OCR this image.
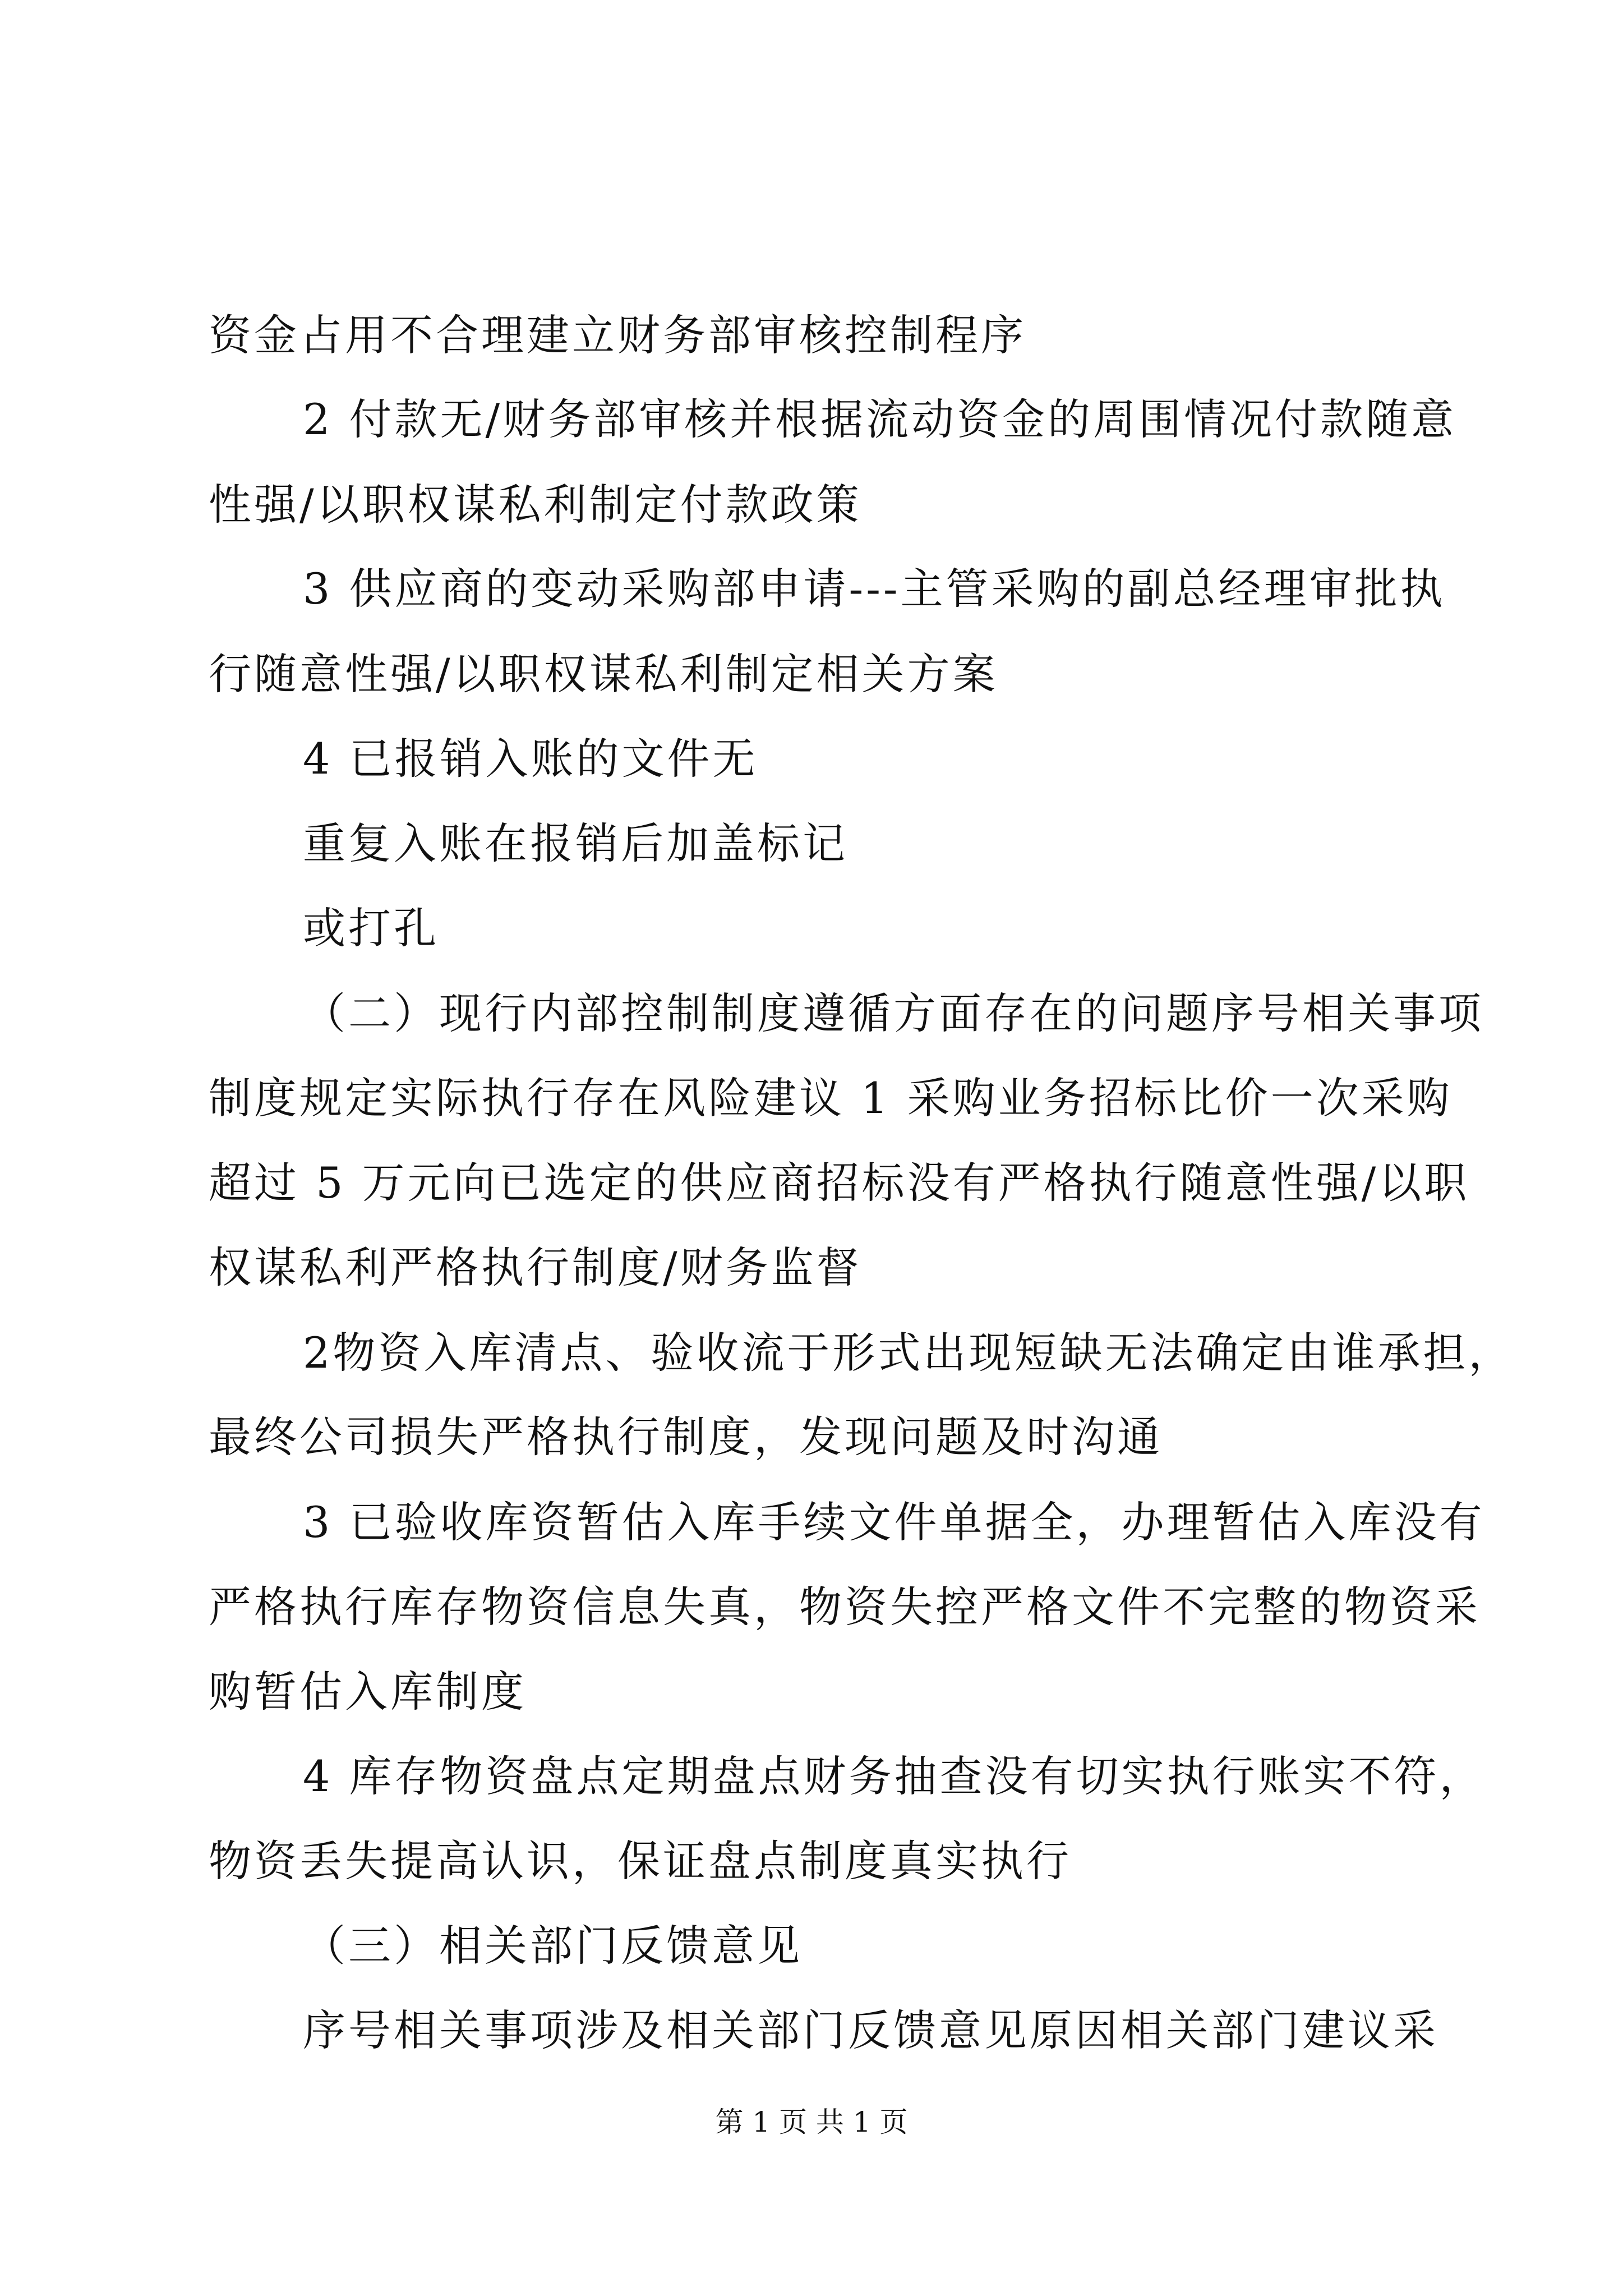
资金占用不合理建立财务部审核控制程序
2 付款无/财务部审核并根据流动资金的周围情况付款随意
性强/以职权谋私利制定付款政策
3 供应商的变动采购部申请---主管采购的副总经理审批执
行随意性强/以职权谋私利制定相关方案
4 已报销入账的文件无
重复入账在报销后加盖标记
或打孔
（二）现行内部控制制度遵循方面存在的问题序号相关事项
制度规定实际执行存在风险建议 1 采购业务招标比价一次采购
超过 5 万元向已选定的供应商招标没有严格执行随意性强/以职
权谋私利严格执行制度/财务监督
2物资入库清点、验收流于形式出现短缺无法确定由谁承担，
最终公司损失严格执行制度，发现问题及时沟通
3 已验收库资暂估入库手续文件单据全，办理暂估入库没有
严格执行库存物资信息失真，物资失控严格文件不完整的物资采
购暂估入库制度
4 库存物资盘点定期盘点财务抽查没有切实执行账实不符，
物资丢失提高认识，保证盘点制度真实执行
（三）相关部门反馈意见
序号相关事项涉及相关部门反馈意见原因相关部门建议采
第 1 页 共 1 页
